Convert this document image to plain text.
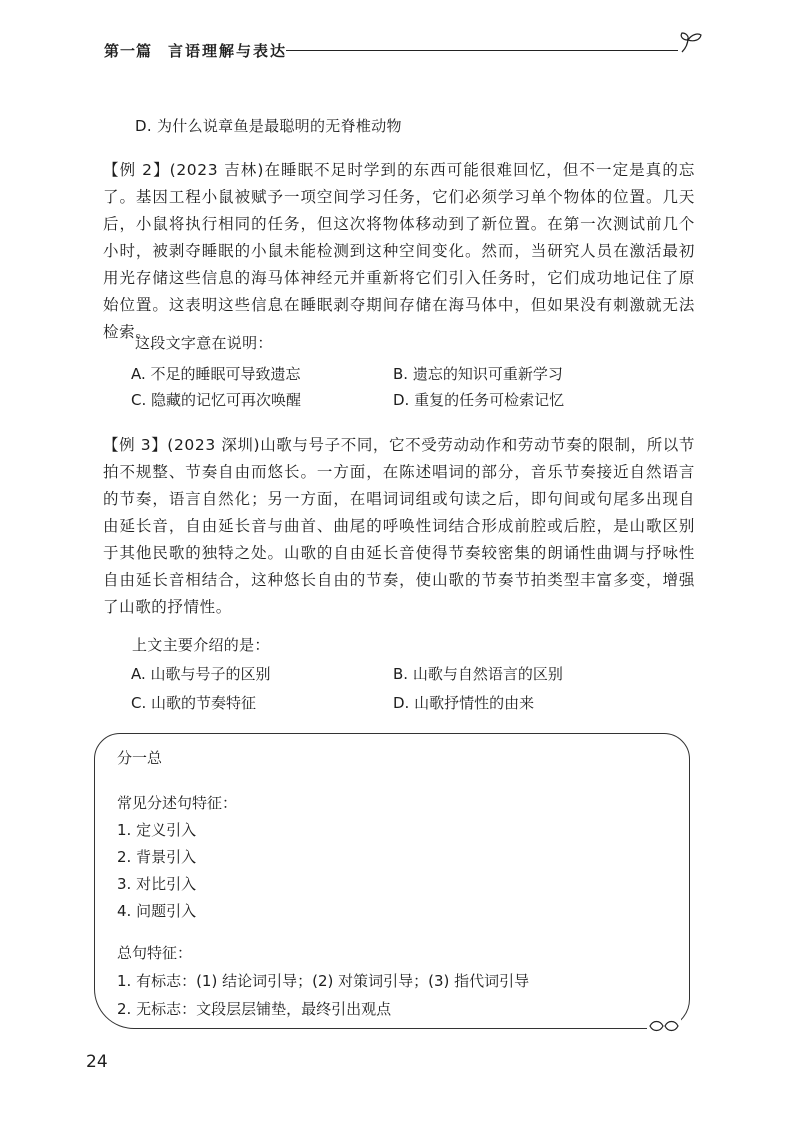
第一篇 言语理解与表达
D. 为什么说章鱼是最聪明的无脊椎动物
【例 2】(2023 吉林)在睡眠不足时学到的东西可能很难回忆，但不一定是真的忘了。基因工程小鼠被赋予一项空间学习任务，它们必须学习单个物体的位置。几天后，小鼠将执行相同的任务，但这次将物体移动到了新位置。在第一次测试前几个小时，被剥夺睡眠的小鼠未能检测到这种空间变化。然而，当研究人员在激活最初用光存储这些信息的海马体神经元并重新将它们引入任务时，它们成功地记住了原始位置。这表明这些信息在睡眠剥夺期间存储在海马体中，但如果没有刺激就无法检索。
这段文字意在说明：
A. 不足的睡眠可导致遗忘	B. 遗忘的知识可重新学习
C. 隐藏的记忆可再次唤醒	D. 重复的任务可检索记忆
【例 3】(2023 深圳)山歌与号子不同，它不受劳动动作和劳动节奏的限制，所以节拍不规整、节奏自由而悠长。一方面，在陈述唱词的部分，音乐节奏接近自然语言的节奏，语言自然化；另一方面，在唱词词组或句读之后，即句间或句尾多出现自由延长音，自由延长音与曲首、曲尾的呼唤性词结合形成前腔或后腔，是山歌区别于其他民歌的独特之处。山歌的自由延长音使得节奏较密集的朗诵性曲调与抒咏性自由延长音相结合，这种悠长自由的节奏，使山歌的节奏节拍类型丰富多变，增强了山歌的抒情性。
上文主要介绍的是：
A. 山歌与号子的区别	B. 山歌与自然语言的区别
C. 山歌的节奏特征	D. 山歌抒情性的由来
分一总
常见分述句特征：
1. 定义引入
2. 背景引入
3. 对比引入
4. 问题引入
总句特征：
1. 有标志：(1) 结论词引导；(2) 对策词引导；(3) 指代词引导
2. 无标志：文段层层铺垫，最终引出观点
24
